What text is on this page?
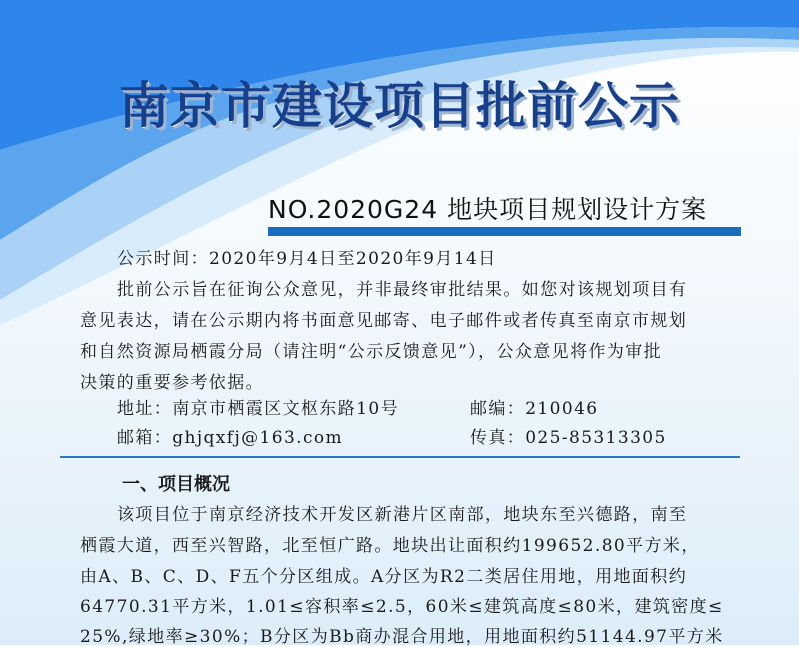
南京市建设项目批前公示
NO.2020G24 地块项目规划设计方案
公示时间：2020年9月4日至2020年9月14日
批前公示旨在征询公众意见，并非最终审批结果。如您对该规划项目有
意见表达，请在公示期内将书面意见邮寄、电子邮件或者传真至南京市规划
和自然资源局栖霞分局（请注明“公示反馈意见”），公众意见将作为审批
决策的重要参考依据。
地址：南京市栖霞区文枢东路10号	邮编：210046
邮箱：ghjqxfj@163.com	传真：025-85313305
一、项目概况
该项目位于南京经济技术开发区新港片区南部，地块东至兴德路，南至
栖霞大道，西至兴智路，北至恒广路。地块出让面积约199652.80平方米，
由A、B、C、D、F五个分区组成。A分区为R2二类居住用地，用地面积约
64770.31平方米，1.01≤容积率≤2.5，60米≤建筑高度≤80米，建筑密度≤
25%,绿地率≥30%；B分区为Bb商办混合用地，用地面积约51144.97平方米
